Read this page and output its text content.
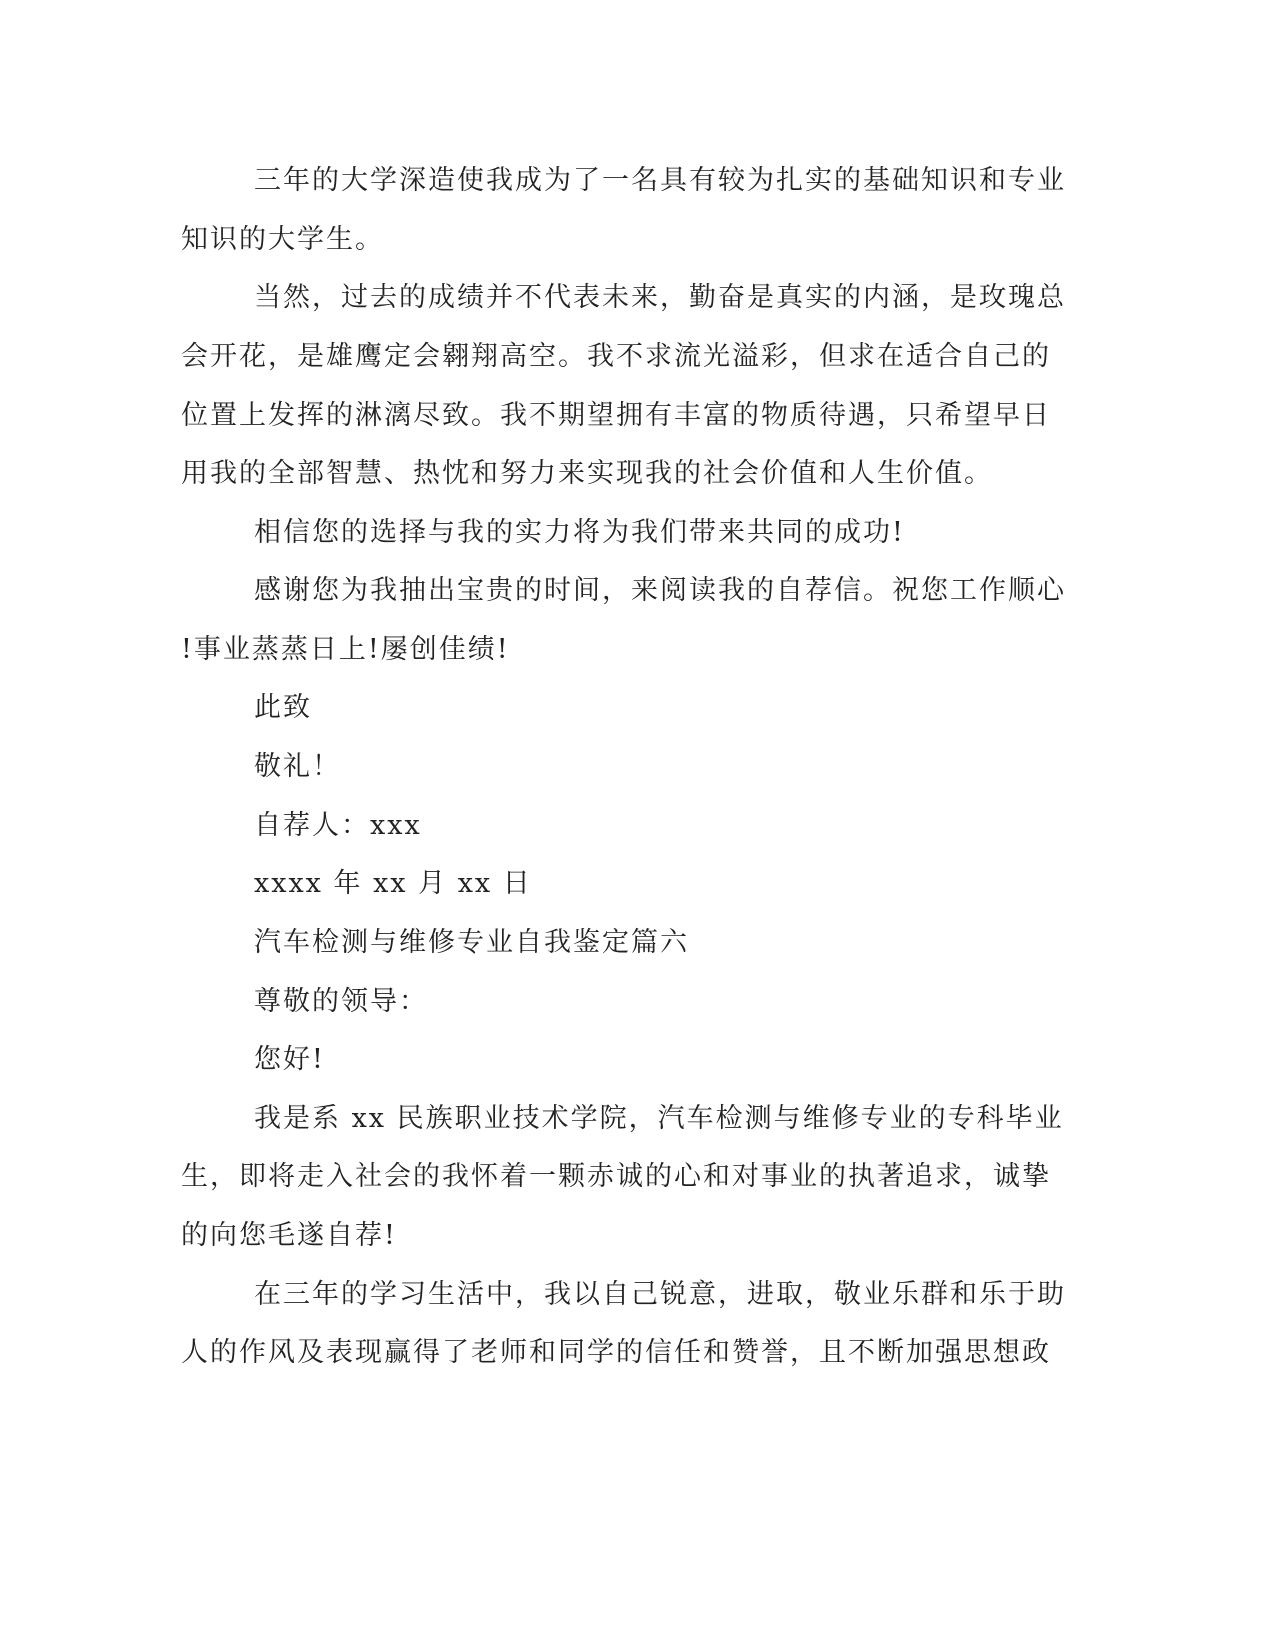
三年的大学深造使我成为了一名具有较为扎实的基础知识和专业
知识的大学生。
当然，过去的成绩并不代表未来，勤奋是真实的内涵，是玫瑰总
会开花，是雄鹰定会翱翔高空。我不求流光溢彩，但求在适合自己的
位置上发挥的淋漓尽致。我不期望拥有丰富的物质待遇，只希望早日
用我的全部智慧、热忱和努力来实现我的社会价值和人生价值。
相信您的选择与我的实力将为我们带来共同的成功!
感谢您为我抽出宝贵的时间，来阅读我的自荐信。祝您工作顺心
!事业蒸蒸日上!屡创佳绩!
此致
敬礼！
自荐人：xxx
xxxx 年 xx 月 xx 日
汽车检测与维修专业自我鉴定篇六
尊敬的领导：
您好!
我是系 xx 民族职业技术学院，汽车检测与维修专业的专科毕业
生，即将走入社会的我怀着一颗赤诚的心和对事业的执著追求，诚挚
的向您毛遂自荐!
在三年的学习生活中，我以自己锐意，进取，敬业乐群和乐于助
人的作风及表现赢得了老师和同学的信任和赞誉，且不断加强思想政
